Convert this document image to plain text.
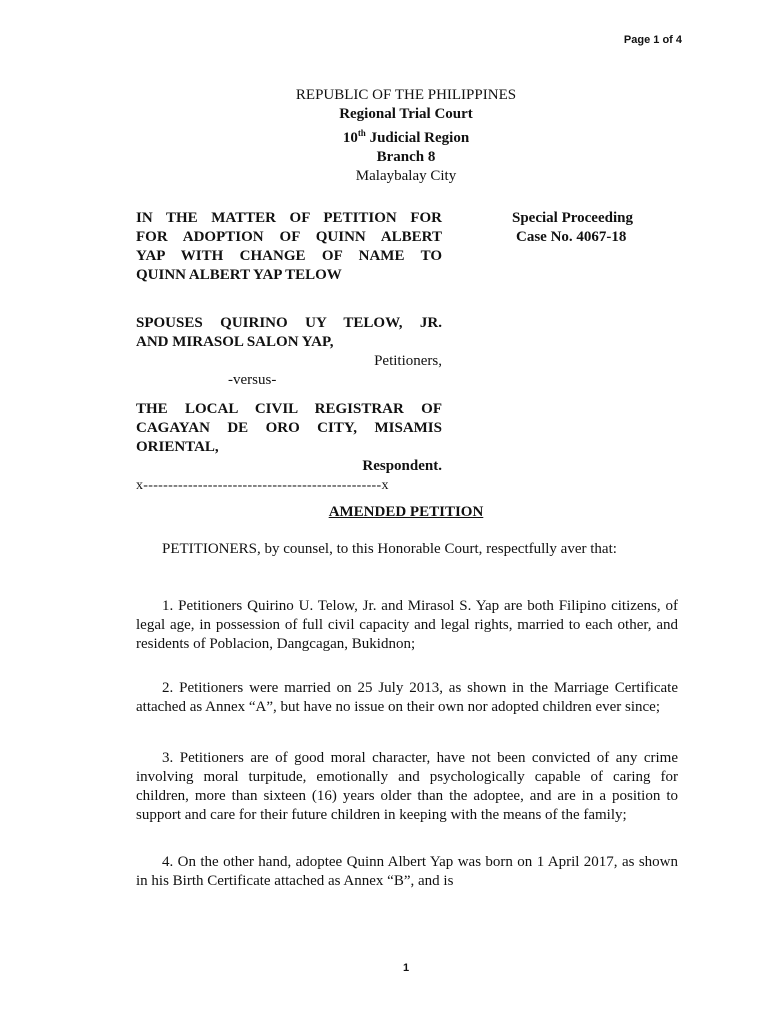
Page 1 of 4
REPUBLIC OF THE PHILIPPINES
Regional Trial Court
10th Judicial Region
Branch 8
Malaybalay City
IN THE MATTER OF PETITION FOR
FOR ADOPTION OF QUINN ALBERT
YAP WITH CHANGE OF NAME TO
QUINN ALBERT YAP TELOW
Special Proceeding
Case No. 4067-18
SPOUSES QUIRINO UY TELOW, JR.
AND MIRASOL SALON YAP,
Petitioners,
-versus-
THE LOCAL CIVIL REGISTRAR OF
CAGAYAN DE ORO CITY, MISAMIS
ORIENTAL,
Respondent.
x------------------------------------------------x
AMENDED PETITION

PETITIONERS, by counsel, to this Honorable Court, respectfully aver that:

1. Petitioners Quirino U. Telow, Jr. and Mirasol S. Yap are both Filipino citizens, of legal age, in possession of full civil capacity and legal rights, married to each other, and residents of Poblacion, Dangcagan, Bukidnon;

2. Petitioners were married on 25 July 2013, as shown in the Marriage Certificate attached as Annex “A”, but have no issue on their own nor adopted children ever since;

3. Petitioners are of good moral character, have not been convicted of any crime involving moral turpitude, emotionally and psychologically capable of caring for children, more than sixteen (16) years older than the adoptee, and are in a position to support and care for their future children in keeping with the means of the family;

4. On the other hand, adoptee Quinn Albert Yap was born on 1 April 2017, as shown in his Birth Certificate attached as Annex “B”, and is

1
